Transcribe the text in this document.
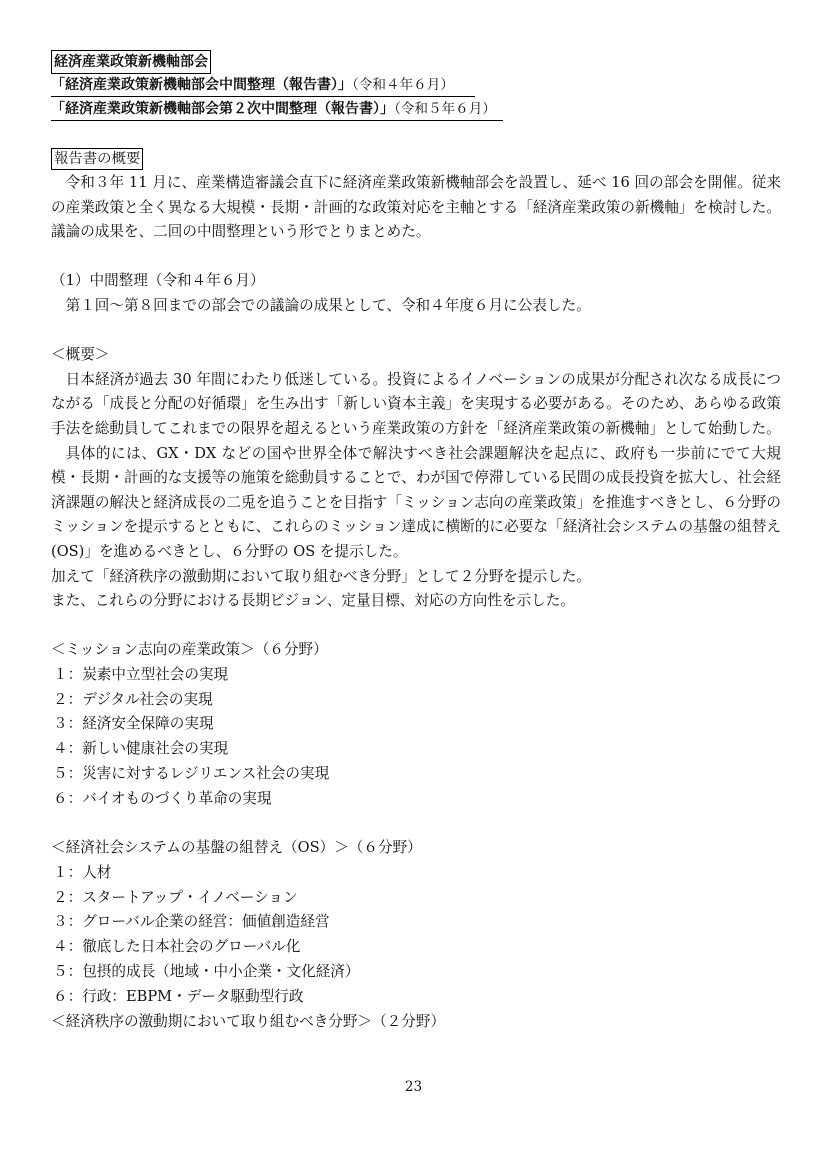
経済産業政策新機軸部会
「経済産業政策新機軸部会中間整理（報告書）」（令和４年６月）　　
「経済産業政策新機軸部会第２次中間整理（報告書）」（令和５年６月）　
報告書の概要

令和３年 11 月に、産業構造審議会直下に経済産業政策新機軸部会を設置し、延べ 16 回の部会を開催。従来の産業政策と全く異なる大規模・長期・計画的な政策対応を主軸とする「経済産業政策の新機軸」を検討した。議論の成果を、二回の中間整理という形でとりまとめた。

（1）中間整理（令和４年６月）

第１回～第８回までの部会での議論の成果として、令和４年度６月に公表した。

＜概要＞

日本経済が過去 30 年間にわたり低迷している。投資によるイノベーションの成果が分配され次なる成長につながる「成長と分配の好循環」を生み出す「新しい資本主義」を実現する必要がある。そのため、あらゆる政策手法を総動員してこれまでの限界を超えるという産業政策の方針を「経済産業政策の新機軸」として始動した。

具体的には、GX・DX などの国や世界全体で解決すべき社会課題解決を起点に、政府も一歩前にでて大規模・長期・計画的な支援等の施策を総動員することで、わが国で停滞している民間の成長投資を拡大し、社会経済課題の解決と経済成長の二兎を追うことを目指す「ミッション志向の産業政策」を推進すべきとし、６分野のミッションを提示するとともに、これらのミッション達成に横断的に必要な「経済社会システムの基盤の組替え(OS)」を進めるべきとし、６分野の OS を提示した。

加えて「経済秩序の激動期において取り組むべき分野」として２分野を提示した。

また、これらの分野における長期ビジョン、定量目標、対応の方向性を示した。

＜ミッション志向の産業政策＞（６分野）

１：炭素中立型社会の実現
２：デジタル社会の実現
３：経済安全保障の実現
４：新しい健康社会の実現
５：災害に対するレジリエンス社会の実現
６：バイオものづくり革命の実現

＜経済社会システムの基盤の組替え（OS）＞（６分野）

１：人材
２：スタートアップ・イノベーション
３：グローバル企業の経営：価値創造経営
４：徹底した日本社会のグローバル化
５：包摂的成長（地域・中小企業・文化経済）
６：行政：EBPM・データ駆動型行政

＜経済秩序の激動期において取り組むべき分野＞（２分野）

23
